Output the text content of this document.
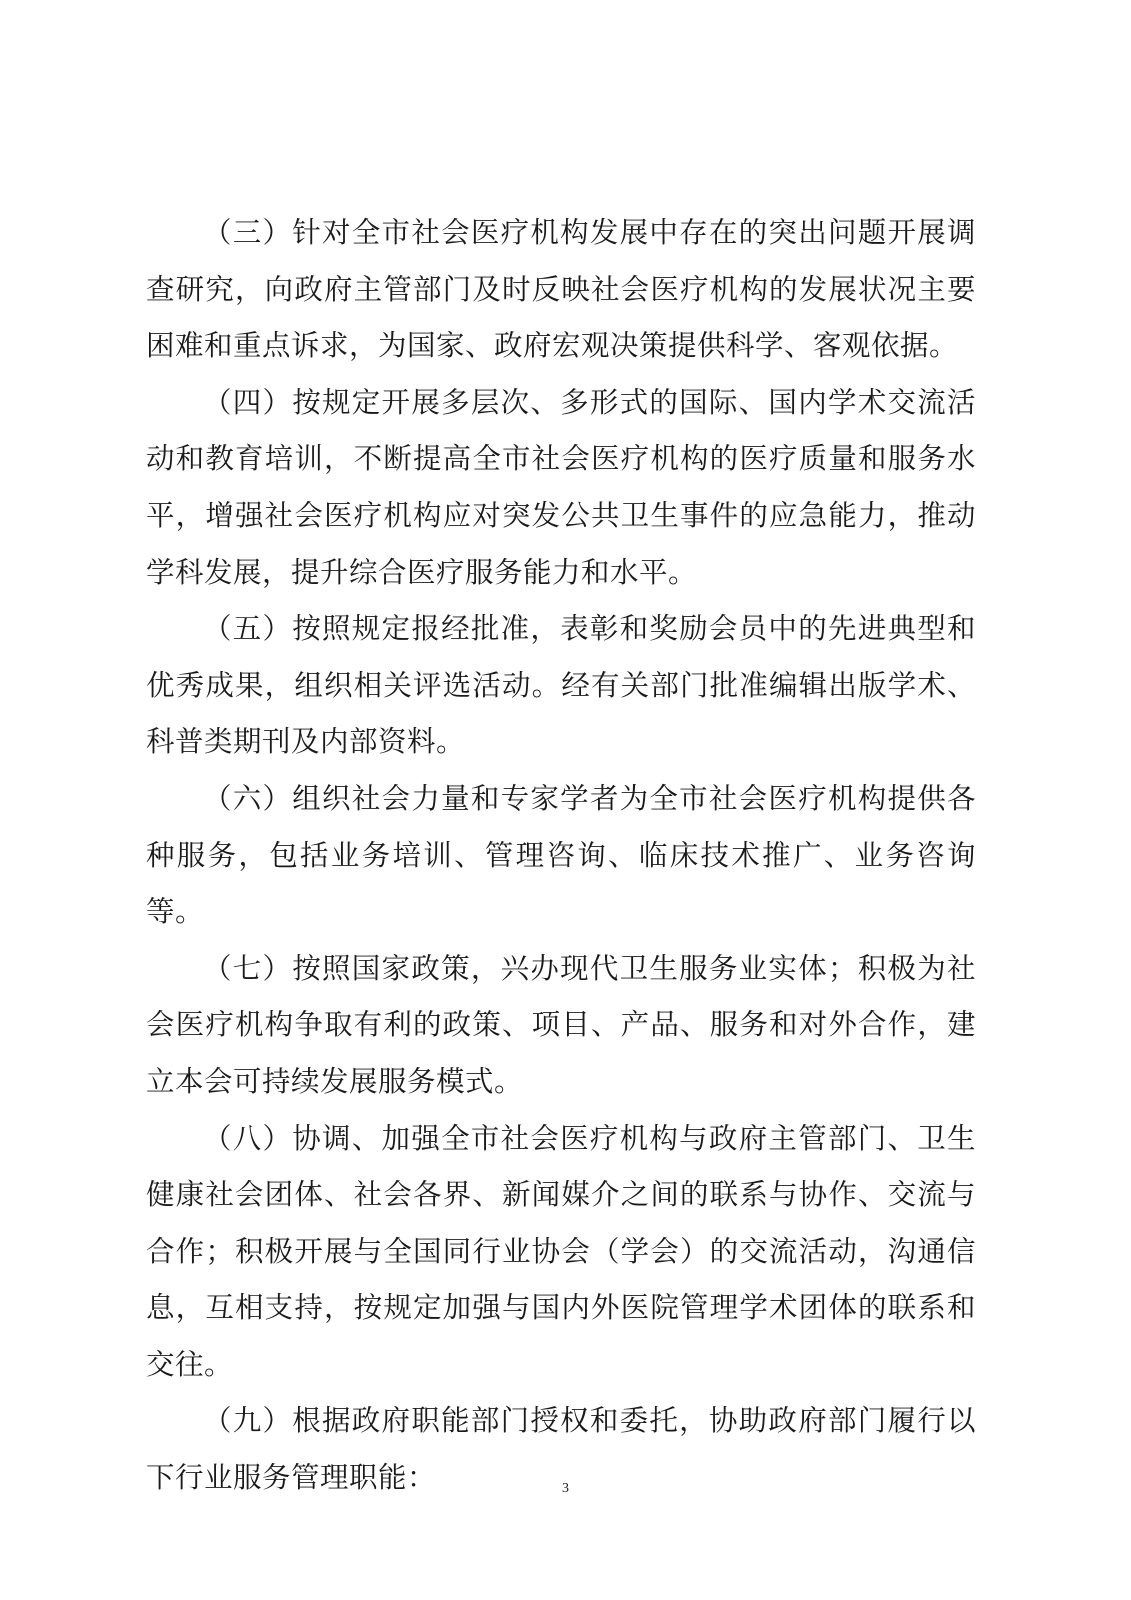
（三）针对全市社会医疗机构发展中存在的突出问题开展调查研究，向政府主管部门及时反映社会医疗机构的发展状况主要困难和重点诉求，为国家、政府宏观决策提供科学、客观依据。

（四）按规定开展多层次、多形式的国际、国内学术交流活动和教育培训，不断提高全市社会医疗机构的医疗质量和服务水平，增强社会医疗机构应对突发公共卫生事件的应急能力，推动学科发展，提升综合医疗服务能力和水平。

（五）按照规定报经批准，表彰和奖励会员中的先进典型和优秀成果，组织相关评选活动。经有关部门批准编辑出版学术、科普类期刊及内部资料。

（六）组织社会力量和专家学者为全市社会医疗机构提供各种服务，包括业务培训、管理咨询、临床技术推广、业务咨询等。

（七）按照国家政策，兴办现代卫生服务业实体；积极为社会医疗机构争取有利的政策、项目、产品、服务和对外合作，建立本会可持续发展服务模式。

（八）协调、加强全市社会医疗机构与政府主管部门、卫生健康社会团体、社会各界、新闻媒介之间的联系与协作、交流与合作；积极开展与全国同行业协会（学会）的交流活动，沟通信息，互相支持，按规定加强与国内外医院管理学术团体的联系和交往。

（九）根据政府职能部门授权和委托，协助政府部门履行以下行业服务管理职能：	3
